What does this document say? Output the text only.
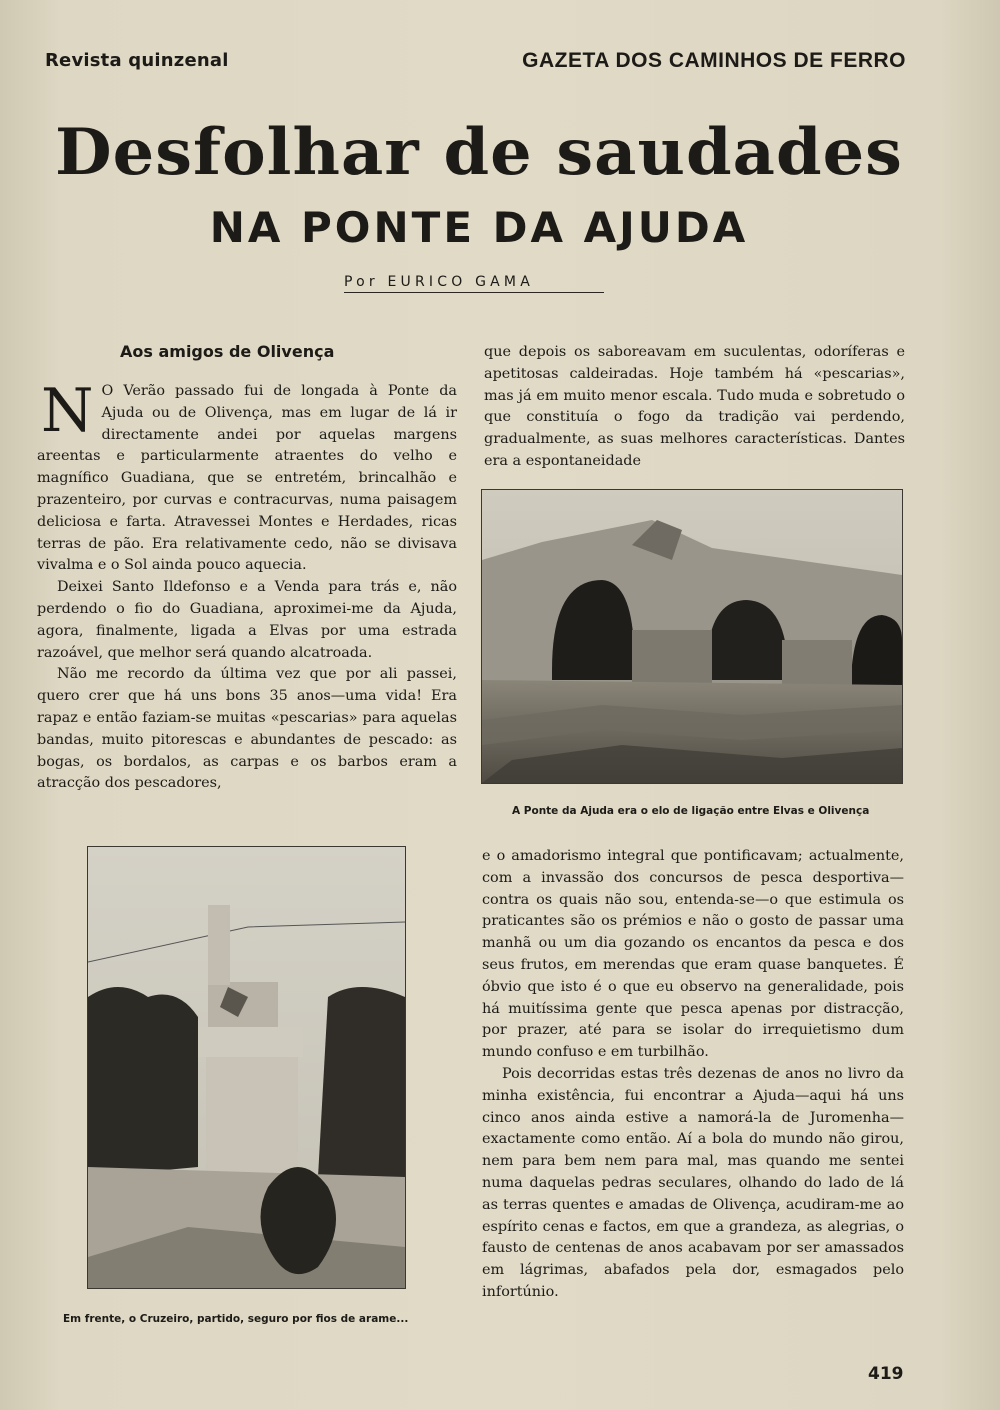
Revista quinzenal	GAZETA DOS CAMINHOS DE FERRO
Desfolhar de saudades
NA PONTE DA AJUDA
Por EURICO GAMA
Aos amigos de Olivença

N O Verão passado fui de longada à Ponte da Ajuda ou de Olivença, mas em lugar de lá ir directamente andei por aquelas margens areentas e particularmente atraentes do velho e magnífico Guadiana, que se entretém, brincalhão e prazenteiro, por curvas e contracurvas, numa paisagem deliciosa e farta. Atravessei Montes e Herdades, ricas terras de pão. Era relativamente cedo, não se divisava vivalma e o Sol ainda pouco aquecia.

Deixei Santo Ildefonso e a Venda para trás e, não perdendo o fio do Guadiana, aproximei-me da Ajuda, agora, finalmente, ligada a Elvas por uma estrada razoável, que melhor será quando alcatroada.

Não me recordo da última vez que por ali passei, quero crer que há uns bons 35 anos—uma vida! Era rapaz e então faziam-se muitas «pescarias» para aquelas bandas, muito pitorescas e abundantes de pescado: as bogas, os bordalos, as carpas e os barbos eram a atracção dos pescadores,

que depois os saboreavam em suculentas, odoríferas e apetitosas caldeiradas. Hoje também há «pescarias», mas já em muito menor escala. Tudo muda e sobretudo o que constituía o fogo da tradição vai perdendo, gradualmente, as suas melhores características. Dantes era a espontaneidade

A Ponte da Ajuda era o elo de ligação entre Elvas e Olivença
Em frente, o Cruzeiro, partido, seguro por fios de arame...

e o amadorismo integral que pontificavam; actualmente, com a invassão dos concursos de pesca desportiva—contra os quais não sou, entenda-se—o que estimula os praticantes são os prémios e não o gosto de passar uma manhã ou um dia gozando os encantos da pesca e dos seus frutos, em merendas que eram quase banquetes. É óbvio que isto é o que eu observo na generalidade, pois há muitíssima gente que pesca apenas por distracção, por prazer, até para se isolar do irrequietismo dum mundo confuso e em turbilhão.

Pois decorridas estas três dezenas de anos no livro da minha existência, fui encontrar a Ajuda—aqui há uns cinco anos ainda estive a namorá-la de Juromenha—exactamente como então. Aí a bola do mundo não girou, nem para bem nem para mal, mas quando me sentei numa daquelas pedras seculares, olhando do lado de lá as terras quentes e amadas de Olivença, acudiram-me ao espírito cenas e factos, em que a grandeza, as alegrias, o fausto de centenas de anos acabavam por ser amassados em lágrimas, abafados pela dor, esmagados pelo infortúnio.

419
